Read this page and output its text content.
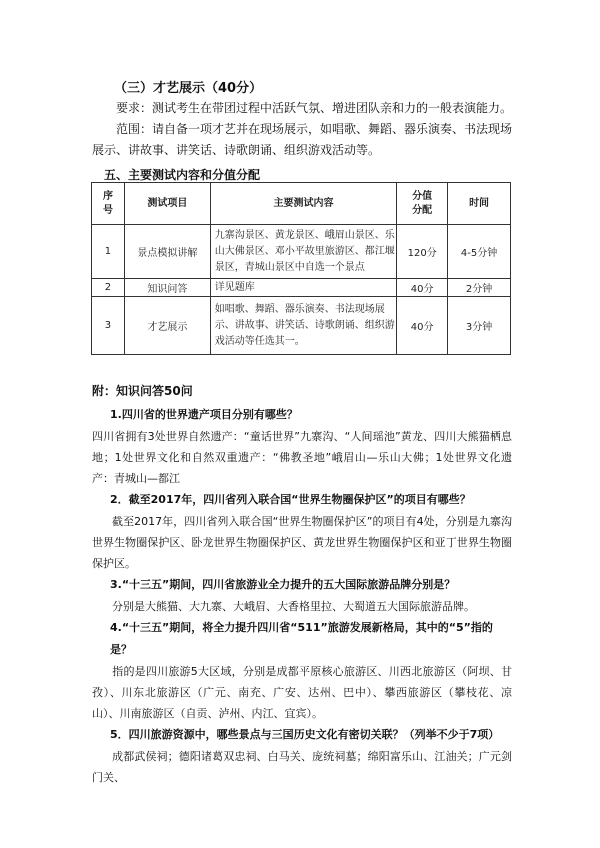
（三）才艺展示（40分）
要求：测试考生在带团过程中活跃气氛、增进团队亲和力的一般表演能力。
范围：请自备一项才艺并在现场展示，如唱歌、舞蹈、器乐演奏、书法现场展示、讲故事、讲笑话、诗歌朗诵、组织游戏活动等。
五、主要测试内容和分值分配
序号	测试项目	主要测试内容	分值分配	时间
1	景点模拟讲解	九寨沟景区、黄龙景区、峨眉山景区、乐山大佛景区、邓小平故里旅游区、都江堰景区，青城山景区中自选一个景点	120分	4-5分钟
2	知识问答	详见题库	40分	2分钟
3	才艺展示	如唱歌、舞蹈、器乐演奏、书法现场展示、讲故事、讲笑话、诗歌朗诵、组织游戏活动等任选其一。	40分	3分钟
附：知识问答50问
1.四川省的世界遗产项目分别有哪些？
四川省拥有3处世界自然遗产：“童话世界”九寨沟、“人间瑶池”黄龙、四川大熊猫栖息地；1处世界文化和自然双重遗产：“佛教圣地”峨眉山—乐山大佛；1处世界文化遗产：青城山—都江
2．截至2017年，四川省列入联合国“世界生物圈保护区”的项目有哪些？
截至2017年，四川省列入联合国“世界生物圈保护区”的项目有4处，分别是九寨沟世界生物圈保护区、卧龙世界生物圈保护区、黄龙世界生物圈保护区和亚丁世界生物圈保护区。
3.“十三五”期间，四川省旅游业全力提升的五大国际旅游品牌分别是？
分别是大熊猫、大九寨、大峨眉、大香格里拉、大蜀道五大国际旅游品牌。
4.“十三五”期间，将全力提升四川省“511”旅游发展新格局，其中的“5”指的是？
指的是四川旅游5大区域，分别是成都平原核心旅游区、川西北旅游区（阿坝、甘孜）、川东北旅游区（广元、南充、广安、达州、巴中）、攀西旅游区（攀枝花、凉山）、川南旅游区（自贡、泸州、内江、宜宾）。
5．四川旅游资源中，哪些景点与三国历史文化有密切关联？（列举不少于7项）
成都武侯祠；德阳诸葛双忠祠、白马关、庞统祠墓；绵阳富乐山、江油关；广元剑门关、
